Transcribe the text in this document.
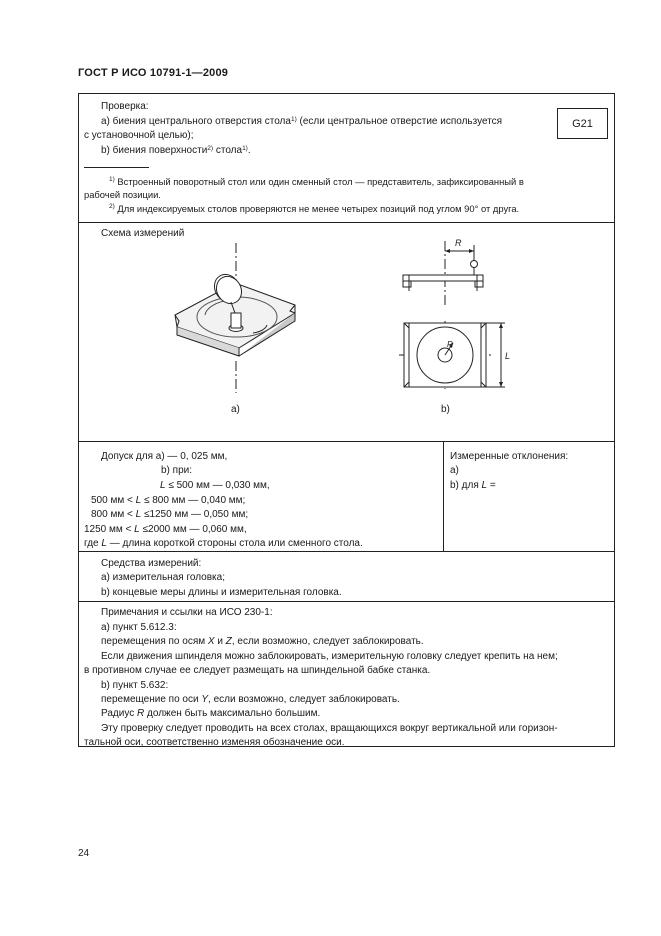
ГОСТ Р ИСО 10791-1—2009
Проверка:
a) биения центрального отверстия стола$^{1)}$ (если центральное отверстие используется
с установочной целью);
b) биения поверхности$^{2)}$ стола$^{1)}$.
G21
$^{1)}$ Встроенный поворотный стол или один сменный стол — представитель, зафиксированный в
рабочей позиции.
$^{2)}$ Для индексируемых столов проверяются не менее четырех позиций под углом 90° от друга.
Схема измерений
a)
R
R
L
b)
Допуск для a) — 0, 025 мм,
b) при:
L ≤ 500 мм — 0,030 мм,
500 мм < L ≤ 800 мм — 0,040 мм;
800 мм < L ≤1250 мм — 0,050 мм;
1250 мм < L ≤2000 мм — 0,060 мм,
где L — длина короткой стороны стола или сменного стола.
Измеренные отклонения:
a)
b) для L =
Средства измерений:
a) измерительная головка;
b) концевые меры длины и измерительная головка.
Примечания и ссылки на ИСО 230-1:
a) пункт 5.612.3:
перемещения по осям X и Z, если возможно, следует заблокировать.
Если движения шпинделя можно заблокировать, измерительную головку следует крепить на нем;
в противном случае ее следует размещать на шпиндельной бабке станка.
b) пункт 5.632:
перемещение по оси Y, если возможно, следует заблокировать.
Радиус R должен быть максимально большим.
Эту проверку следует проводить на всех столах, вращающихся вокруг вертикальной или горизон-
тальной оси, соответственно изменяя обозначение оси.
24
